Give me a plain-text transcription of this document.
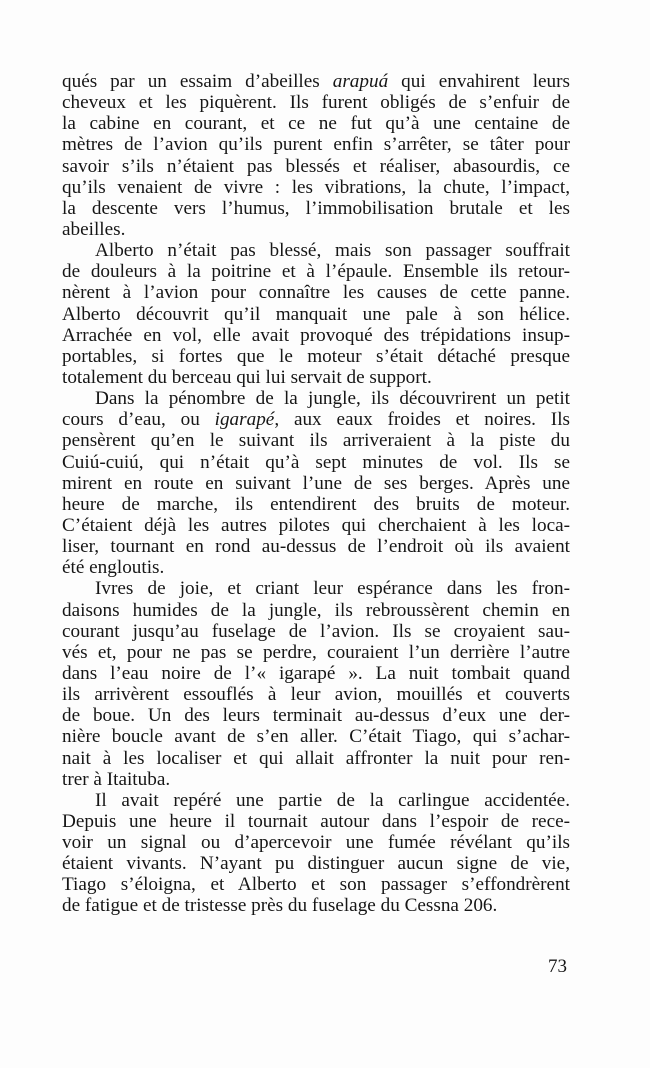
qués par un essaim d’abeilles arapuá qui envahirent leurs
cheveux et les piquèrent. Ils furent obligés de s’enfuir de
la cabine en courant, et ce ne fut qu’à une centaine de
mètres de l’avion qu’ils purent enfin s’arrêter, se tâter pour
savoir s’ils n’étaient pas blessés et réaliser, abasourdis, ce
qu’ils venaient de vivre : les vibrations, la chute, l’impact,
la descente vers l’humus, l’immobilisation brutale et les
abeilles.
Alberto n’était pas blessé, mais son passager souffrait
de douleurs à la poitrine et à l’épaule. Ensemble ils retour-
nèrent à l’avion pour connaître les causes de cette panne.
Alberto découvrit qu’il manquait une pale à son hélice.
Arrachée en vol, elle avait provoqué des trépidations insup-
portables, si fortes que le moteur s’était détaché presque
totalement du berceau qui lui servait de support.
Dans la pénombre de la jungle, ils découvrirent un petit
cours d’eau, ou igarapé, aux eaux froides et noires. Ils
pensèrent qu’en le suivant ils arriveraient à la piste du
Cuiú-cuiú, qui n’était qu’à sept minutes de vol. Ils se
mirent en route en suivant l’une de ses berges. Après une
heure de marche, ils entendirent des bruits de moteur.
C’étaient déjà les autres pilotes qui cherchaient à les loca-
liser, tournant en rond au-dessus de l’endroit où ils avaient
été engloutis.
Ivres de joie, et criant leur espérance dans les fron-
daisons humides de la jungle, ils rebroussèrent chemin en
courant jusqu’au fuselage de l’avion. Ils se croyaient sau-
vés et, pour ne pas se perdre, couraient l’un derrière l’autre
dans l’eau noire de l’« igarapé ». La nuit tombait quand
ils arrivèrent essouflés à leur avion, mouillés et couverts
de boue. Un des leurs terminait au-dessus d’eux une der-
nière boucle avant de s’en aller. C’était Tiago, qui s’achar-
nait à les localiser et qui allait affronter la nuit pour ren-
trer à Itaituba.
Il avait repéré une partie de la carlingue accidentée.
Depuis une heure il tournait autour dans l’espoir de rece-
voir un signal ou d’apercevoir une fumée révélant qu’ils
étaient vivants. N’ayant pu distinguer aucun signe de vie,
Tiago s’éloigna, et Alberto et son passager s’effondrèrent
de fatigue et de tristesse près du fuselage du Cessna 206.
73
